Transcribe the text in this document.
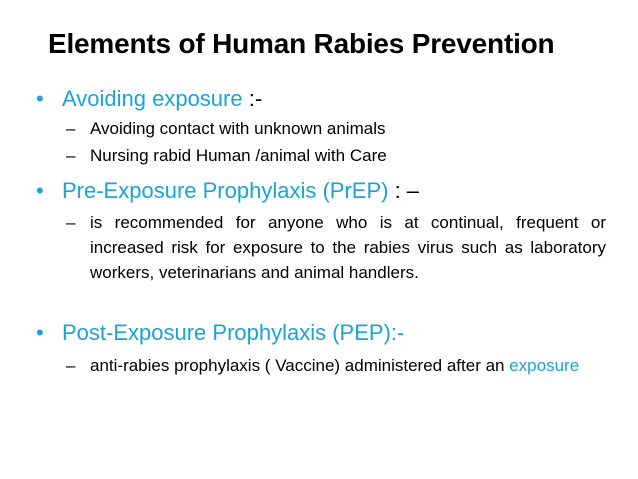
Elements of Human Rabies Prevention
• Avoiding exposure :-
– Avoiding contact with unknown animals
– Nursing rabid Human /animal with Care
• Pre-Exposure Prophylaxis (PrEP) : –
– is recommended for anyone who is at continual, frequent or increased risk for exposure to the rabies virus such as laboratory workers, veterinarians and animal handlers.
• Post-Exposure Prophylaxis (PEP):-
– anti-rabies prophylaxis ( Vaccine) administered after an exposure
